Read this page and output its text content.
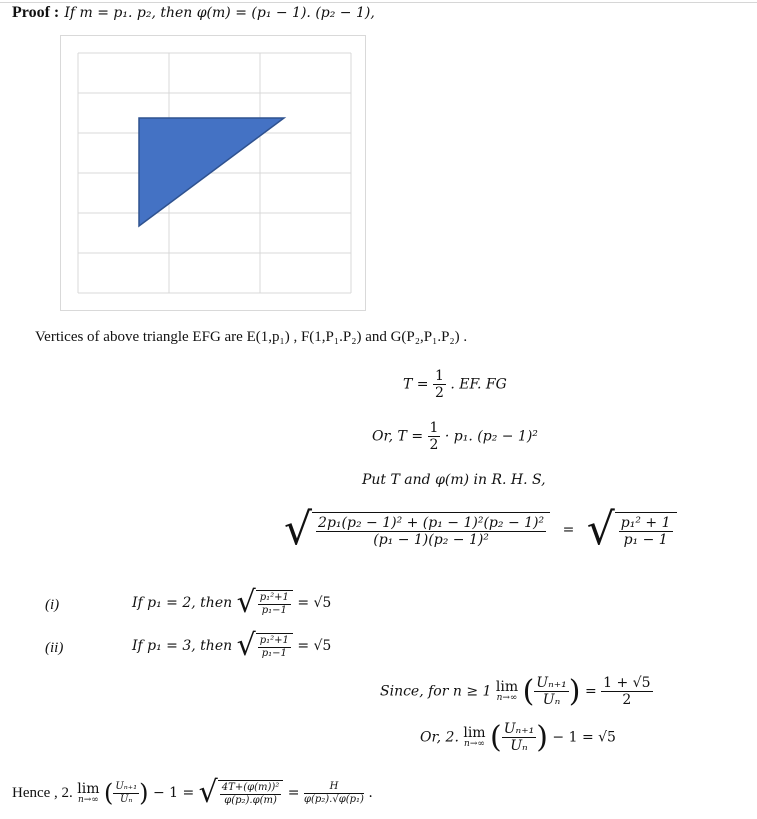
Proof : If m = p₁. p₂, then φ(m) = (p₁ − 1). (p₂ − 1),
Vertices of above triangle EFG are E(1,p₁) , F(1,P₁.P₂) and G(P₂,P₁.P₂) .
$T = \frac{1}{2}$ . EF. FG
Or, $T = \frac{1}{2} \cdot p_1$. (p₂ − 1)²
Put T and φ(m) in R. H. S,
√ $\frac{\text{2p₁(p₂ − 1)² + (p₁ − 1)²(p₂ − 1)²}}{\text{(p₁ − 1)(p₂ − 1)²}}$ = √ $\frac{\text{p₁² + 1}}{\text{p₁ − 1}}$
(i)	If p₁ = 2, then √ $\frac{\text{p₁²+1}}{\text{p₁−1}} = √5$
(ii)	If p₁ = 3, then √ $\frac{\text{p₁²+1}}{\text{p₁−1}} = √5$
Since, for n ≥ 1 lim
n→∞ ( $\frac{\text{Uₙ₊₁}}{\text{Uₙ}}$ ) = $\frac{1 + √5}{2}$
Or, 2. lim
n→∞ ( $\frac{\text{Uₙ₊₁}}{\text{Uₙ}}$ ) − 1 = √5
Hence , 2. lim
n→∞ ( $\frac{\text{Uₙ₊₁}}{\text{Uₙ}}$ ) − 1 = √ $\frac{\text{4T+(φ(m))²}}{\text{φ(p₂).φ(m)}} = \frac{H}{\text{φ(p₂).√φ(p₁)}}$ .
